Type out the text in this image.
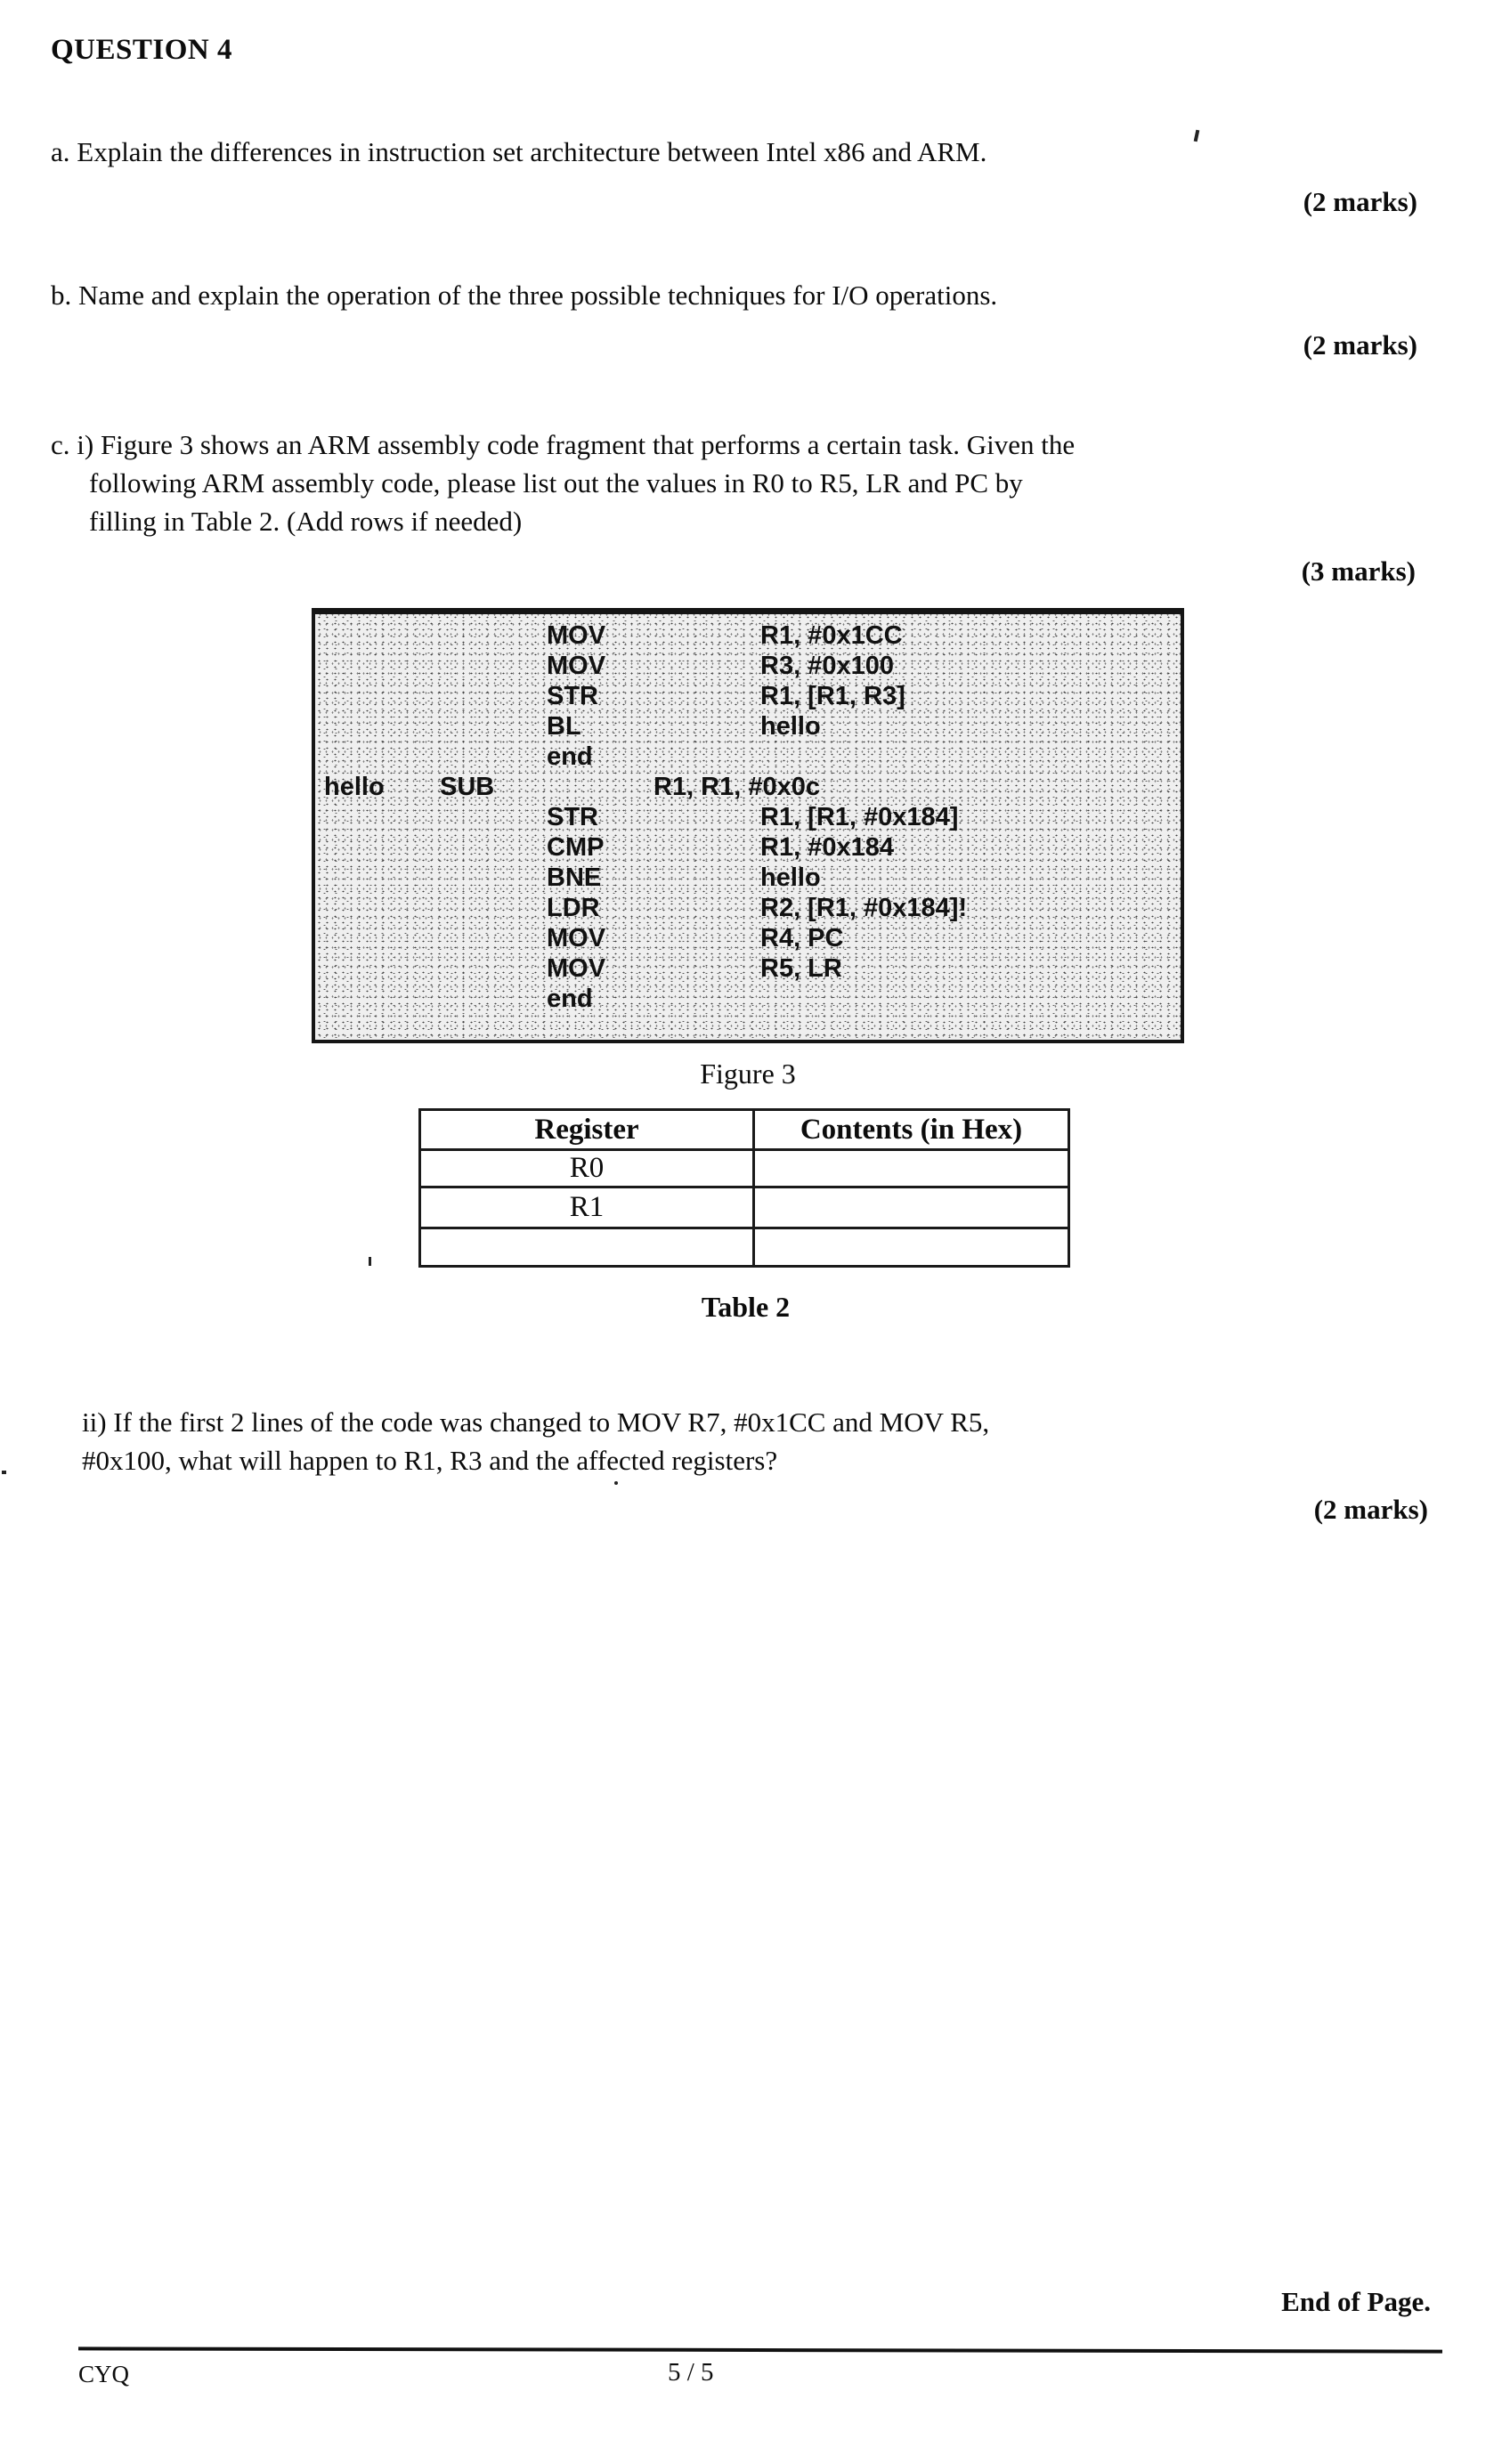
QUESTION 4
a. Explain the differences in instruction set architecture between Intel x86 and ARM.
(2 marks)
b. Name and explain the operation of the three possible techniques for I/O operations.
(2 marks)
c. i) Figure 3 shows an ARM assembly code fragment that performs a certain task. Given the
following ARM assembly code, please list out the values in R0 to R5, LR and PC by
filling in Table 2. (Add rows if needed)
(3 marks)
MOV	R1, #0x1CC
MOV	R3, #0x100
STR	R1, [R1, R3]
BL	hello
end
hello SUB	R1, R1, #0x0c
STR	R1, [R1, #0x184]
CMP	R1, #0x184
BNE	hello
LDR	R2, [R1, #0x184]!
MOV	R4, PC
MOV	R5, LR
end
Figure 3
Register	Contents (in Hex)
R0	
R1	

Table 2
ii) If the first 2 lines of the code was changed to MOV R7, #0x1CC and MOV R5,
#0x100, what will happen to R1, R3 and the affected registers?
(2 marks)
End of Page.
CYQ	5 / 5
